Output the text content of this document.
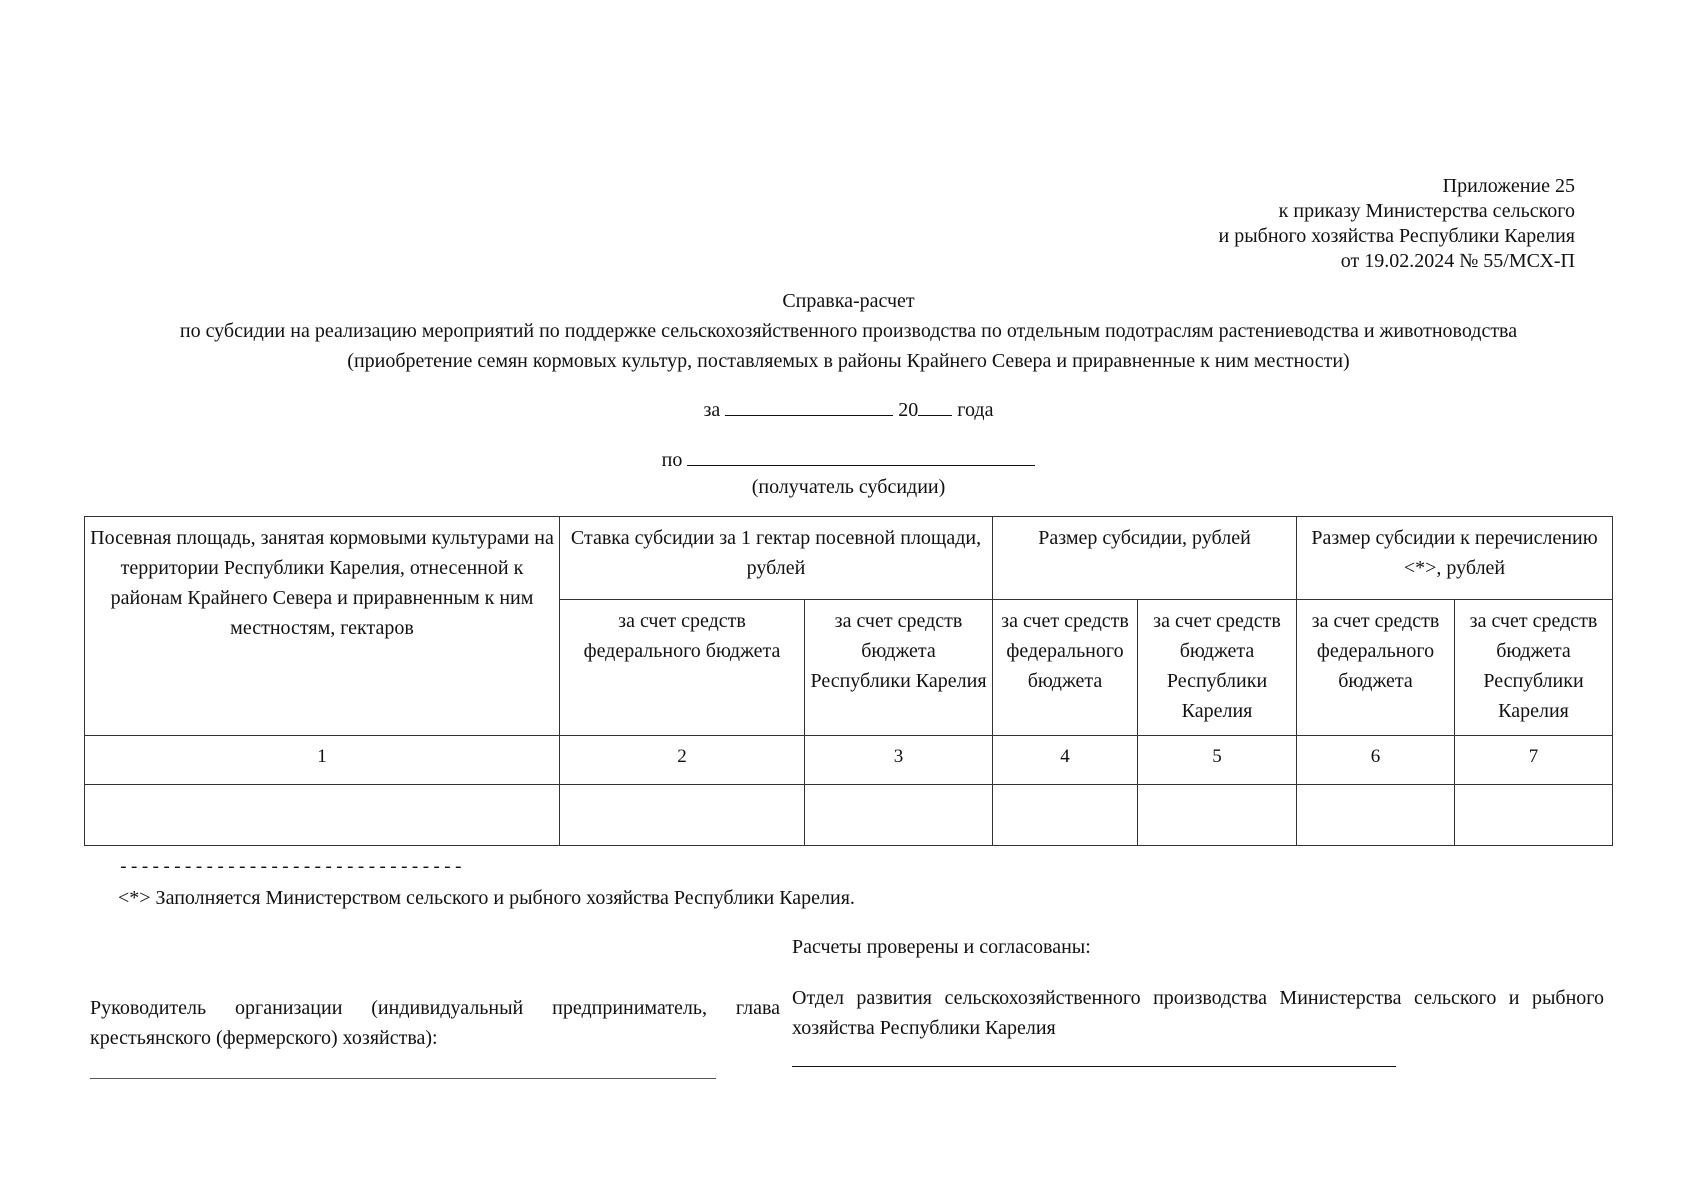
Приложение 25
к приказу Министерства сельского
и рыбного хозяйства Республики Карелия
от 19.02.2024 № 55/МСХ-П
Справка-расчет
по субсидии на реализацию мероприятий по поддержке сельскохозяйственного производства по отдельным подотраслям растениеводства и животноводства
(приобретение семян кормовых культур, поставляемых в районы Крайнего Севера и приравненные к ним местности)
за	20 года
по
(получатель субсидии)
Посевная площадь, занятая кормовыми культурами на территории Республики Карелия, отнесенной к районам Крайнего Севера и приравненным к ним местностям, гектаров	Ставка субсидии за 1 гектар посевной площади, рублей		Размер субсидии, рублей		Размер субсидии к перечислению <*>, рублей	
	за счет средств федерального бюджета	за счет средств бюджета Республики Карелия	за счет средств федерального бюджета	за счет средств бюджета Республики Карелия	за счет средств федерального бюджета	за счет средств бюджета Республики Карелия
1	2	3	4	5	6	7

--------------------------------
<*> Заполняется Министерством сельского и рыбного хозяйства Республики Карелия.
Расчеты проверены и согласованы:
Руководитель организации (индивидуальный предприниматель, глава крестьянского (фермерского) хозяйства):
Отдел развития сельскохозяйственного производства Министерства сельского и рыбного хозяйства Республики Карелия
